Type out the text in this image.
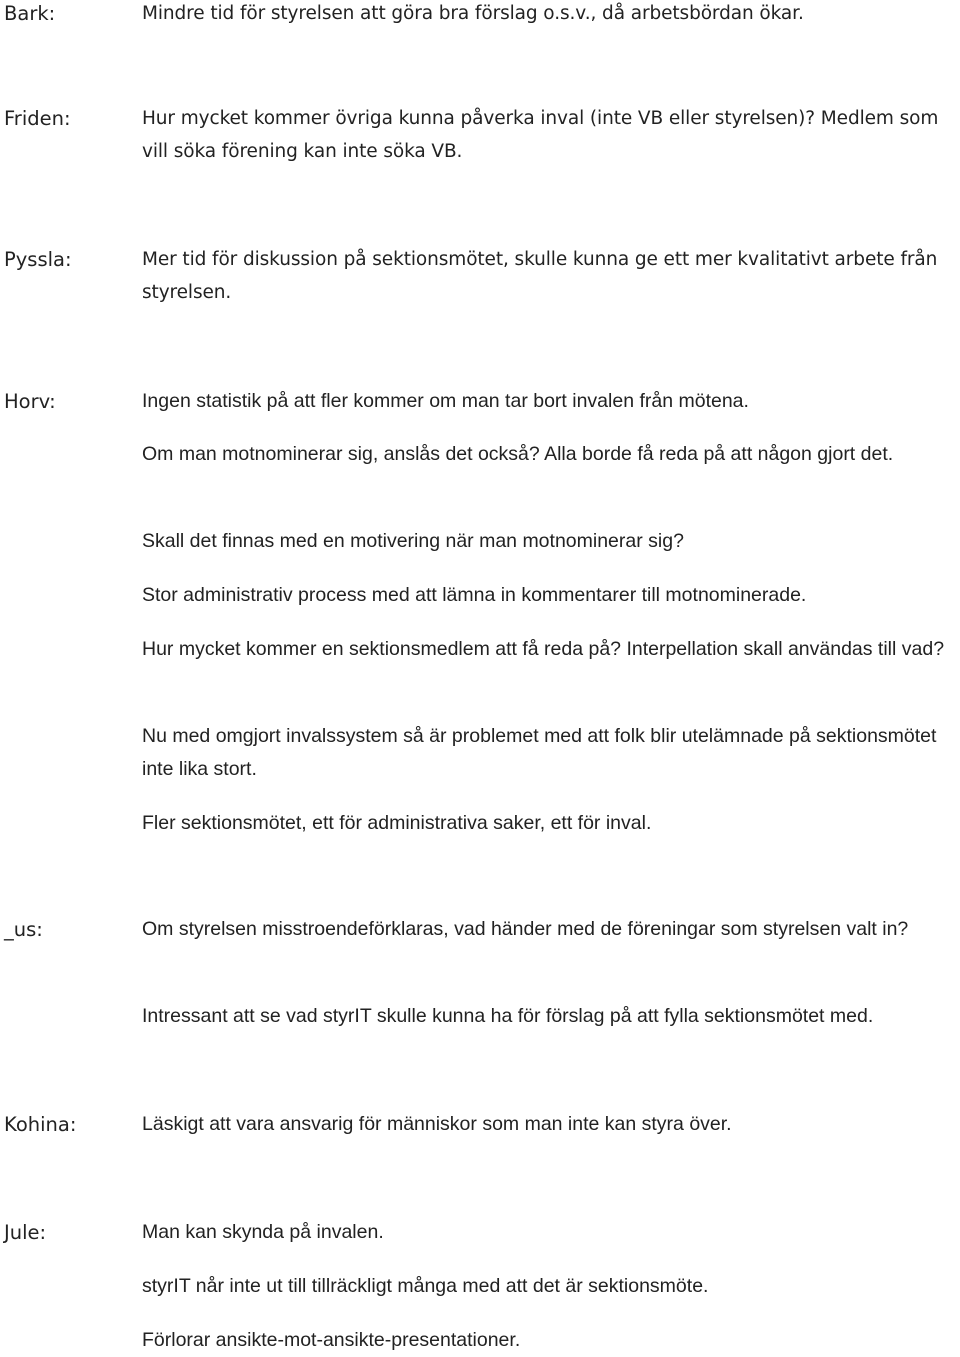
Bark:	Mindre tid för styrelsen att göra bra förslag o.s.v., då arbetsbördan ökar.

Friden:	Hur mycket kommer övriga kunna påverka inval (inte VB eller styrelsen)? Medlem som vill söka förening kan inte söka VB.

Pyssla:	Mer tid för diskussion på sektionsmötet, skulle kunna ge ett mer kvalitativt arbete från styrelsen.

Horv:	Ingen statistik på att fler kommer om man tar bort invalen från mötena.

Om man motnominerar sig, anslås det också? Alla borde få reda på att någon gjort det.

Skall det finnas med en motivering när man motnominerar sig?

Stor administrativ process med att lämna in kommentarer till motnominerade.

Hur mycket kommer en sektionsmedlem att få reda på? Interpellation skall användas till vad?

Nu med omgjort invalssystem så är problemet med att folk blir utelämnade på sektionsmötet inte lika stort.

Fler sektionsmötet, ett för administrativa saker, ett för inval.

_us:	Om styrelsen misstroendeförklaras, vad händer med de föreningar som styrelsen valt in?

Intressant att se vad styrIT skulle kunna ha för förslag på att fylla sektionsmötet med.

Kohina:	Läskigt att vara ansvarig för människor som man inte kan styra över.

Jule:	Man kan skynda på invalen.

styrIT når inte ut till tillräckligt många med att det är sektionsmöte.

Förlorar ansikte-mot-ansikte-presentationer.
